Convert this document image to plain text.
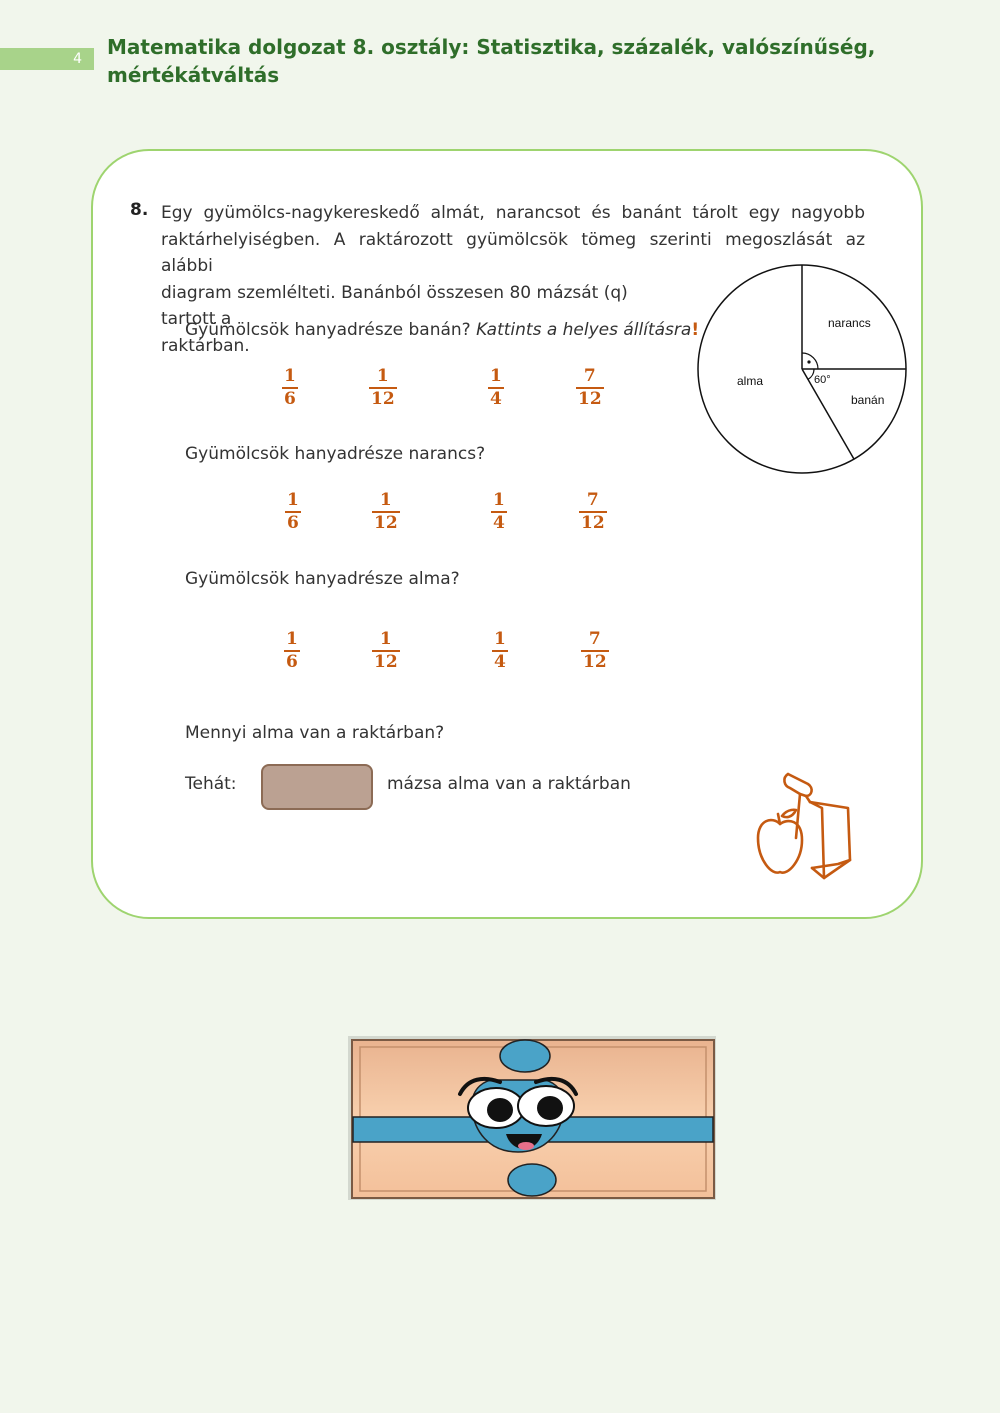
4	Matematika dolgozat 8. osztály: Statisztika, százalék, valószínűség,
mértékátváltás
8. Egy gyümölcs-nagykereskedő almát, narancsot és banánt tárolt egy nagyobb raktárhelyiségben. A raktározott gyümölcsök tömeg szerinti megoszlását az alábbi
diagram szemlélteti. Banánból összesen 80 mázsát (q) tartott a
raktárban.
Gyümölcsök hanyadrésze banán? Kattints a helyes állításra!
1
6
1
12
1
4
7
12
Gyümölcsök hanyadrésze narancs?
1
6
1
12
1
4
7
12
Gyümölcsök hanyadrésze alma?
1
6
1
12
1
4
7
12
Mennyi alma van a raktárban?
Tehát:	mázsa alma van a raktárban
60°
narancs
banán
alma
